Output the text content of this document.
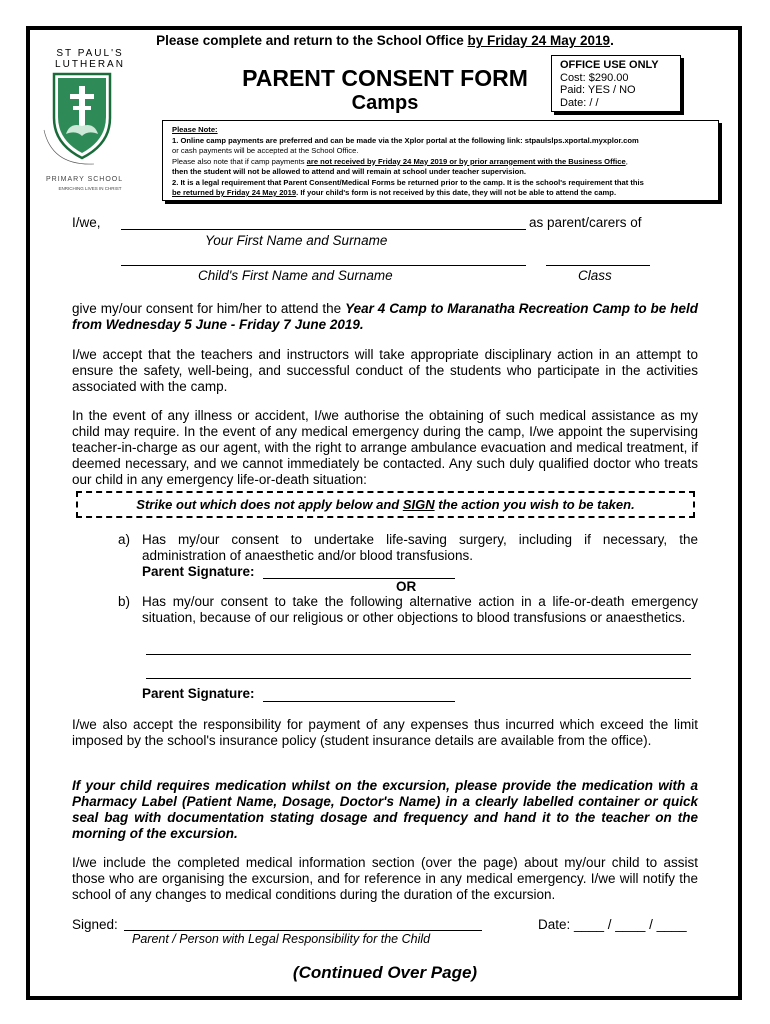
Please complete and return to the School Office by Friday 24 May 2019.
ST PAUL'S
LUTHERAN
PRIMARY SCHOOL
ENRICHING LIVES IN CHRIST
PARENT CONSENT FORM
Camps
OFFICE USE ONLY
Cost: $290.00
Paid: YES / NO
Date: / /
Please Note:
1. Online camp payments are preferred and can be made via the Xplor portal at the following link: stpaulslps.xportal.myxplor.com
or cash payments will be accepted at the School Office.
Please also note that if camp payments are not received by Friday 24 May 2019 or by prior arrangement with the Business Office,
then the student will not be allowed to attend and will remain at school under teacher supervision.
2. It is a legal requirement that Parent Consent/Medical Forms be returned prior to the camp. It is the school's requirement that this
be returned by Friday 24 May 2019. If your child's form is not received by this date, they will not be able to attend the camp.
I/we,	as parent/carers of
Your First Name and Surname
Child's First Name and Surname	Class
give my/our consent for him/her to attend the Year 4 Camp to Maranatha Recreation Camp to be held from Wednesday 5 June - Friday 7 June 2019.
I/we accept that the teachers and instructors will take appropriate disciplinary action in an attempt to ensure the safety, well-being, and successful conduct of the students who participate in the activities associated with the camp.
In the event of any illness or accident, I/we authorise the obtaining of such medical assistance as my child may require. In the event of any medical emergency during the camp, I/we appoint the supervising teacher-in-charge as our agent, with the right to arrange ambulance evacuation and medical treatment, if deemed necessary, and we cannot immediately be contacted. Any such duly qualified doctor who treats our child in any emergency life-or-death situation:
Strike out which does not apply below and SIGN the action you wish to be taken.
a) Has my/our consent to undertake life-saving surgery, including if necessary, the administration of anaesthetic and/or blood transfusions.
Parent Signature:
OR
b) Has my/our consent to take the following alternative action in a life-or-death emergency situation, because of our religious or other objections to blood transfusions or anaesthetics.
Parent Signature:
I/we also accept the responsibility for payment of any expenses thus incurred which exceed the limit imposed by the school's insurance policy (student insurance details are available from the office).
If your child requires medication whilst on the excursion, please provide the medication with a Pharmacy Label (Patient Name, Dosage, Doctor's Name) in a clearly labelled container or quick seal bag with documentation stating dosage and frequency and hand it to the teacher on the morning of the excursion.
I/we include the completed medical information section (over the page) about my/our child to assist those who are organising the excursion, and for reference in any medical emergency. I/we will notify the school of any changes to medical conditions during the duration of the excursion.
Signed:	Date: ____ / ____ / ____
Parent / Person with Legal Responsibility for the Child
(Continued Over Page)
